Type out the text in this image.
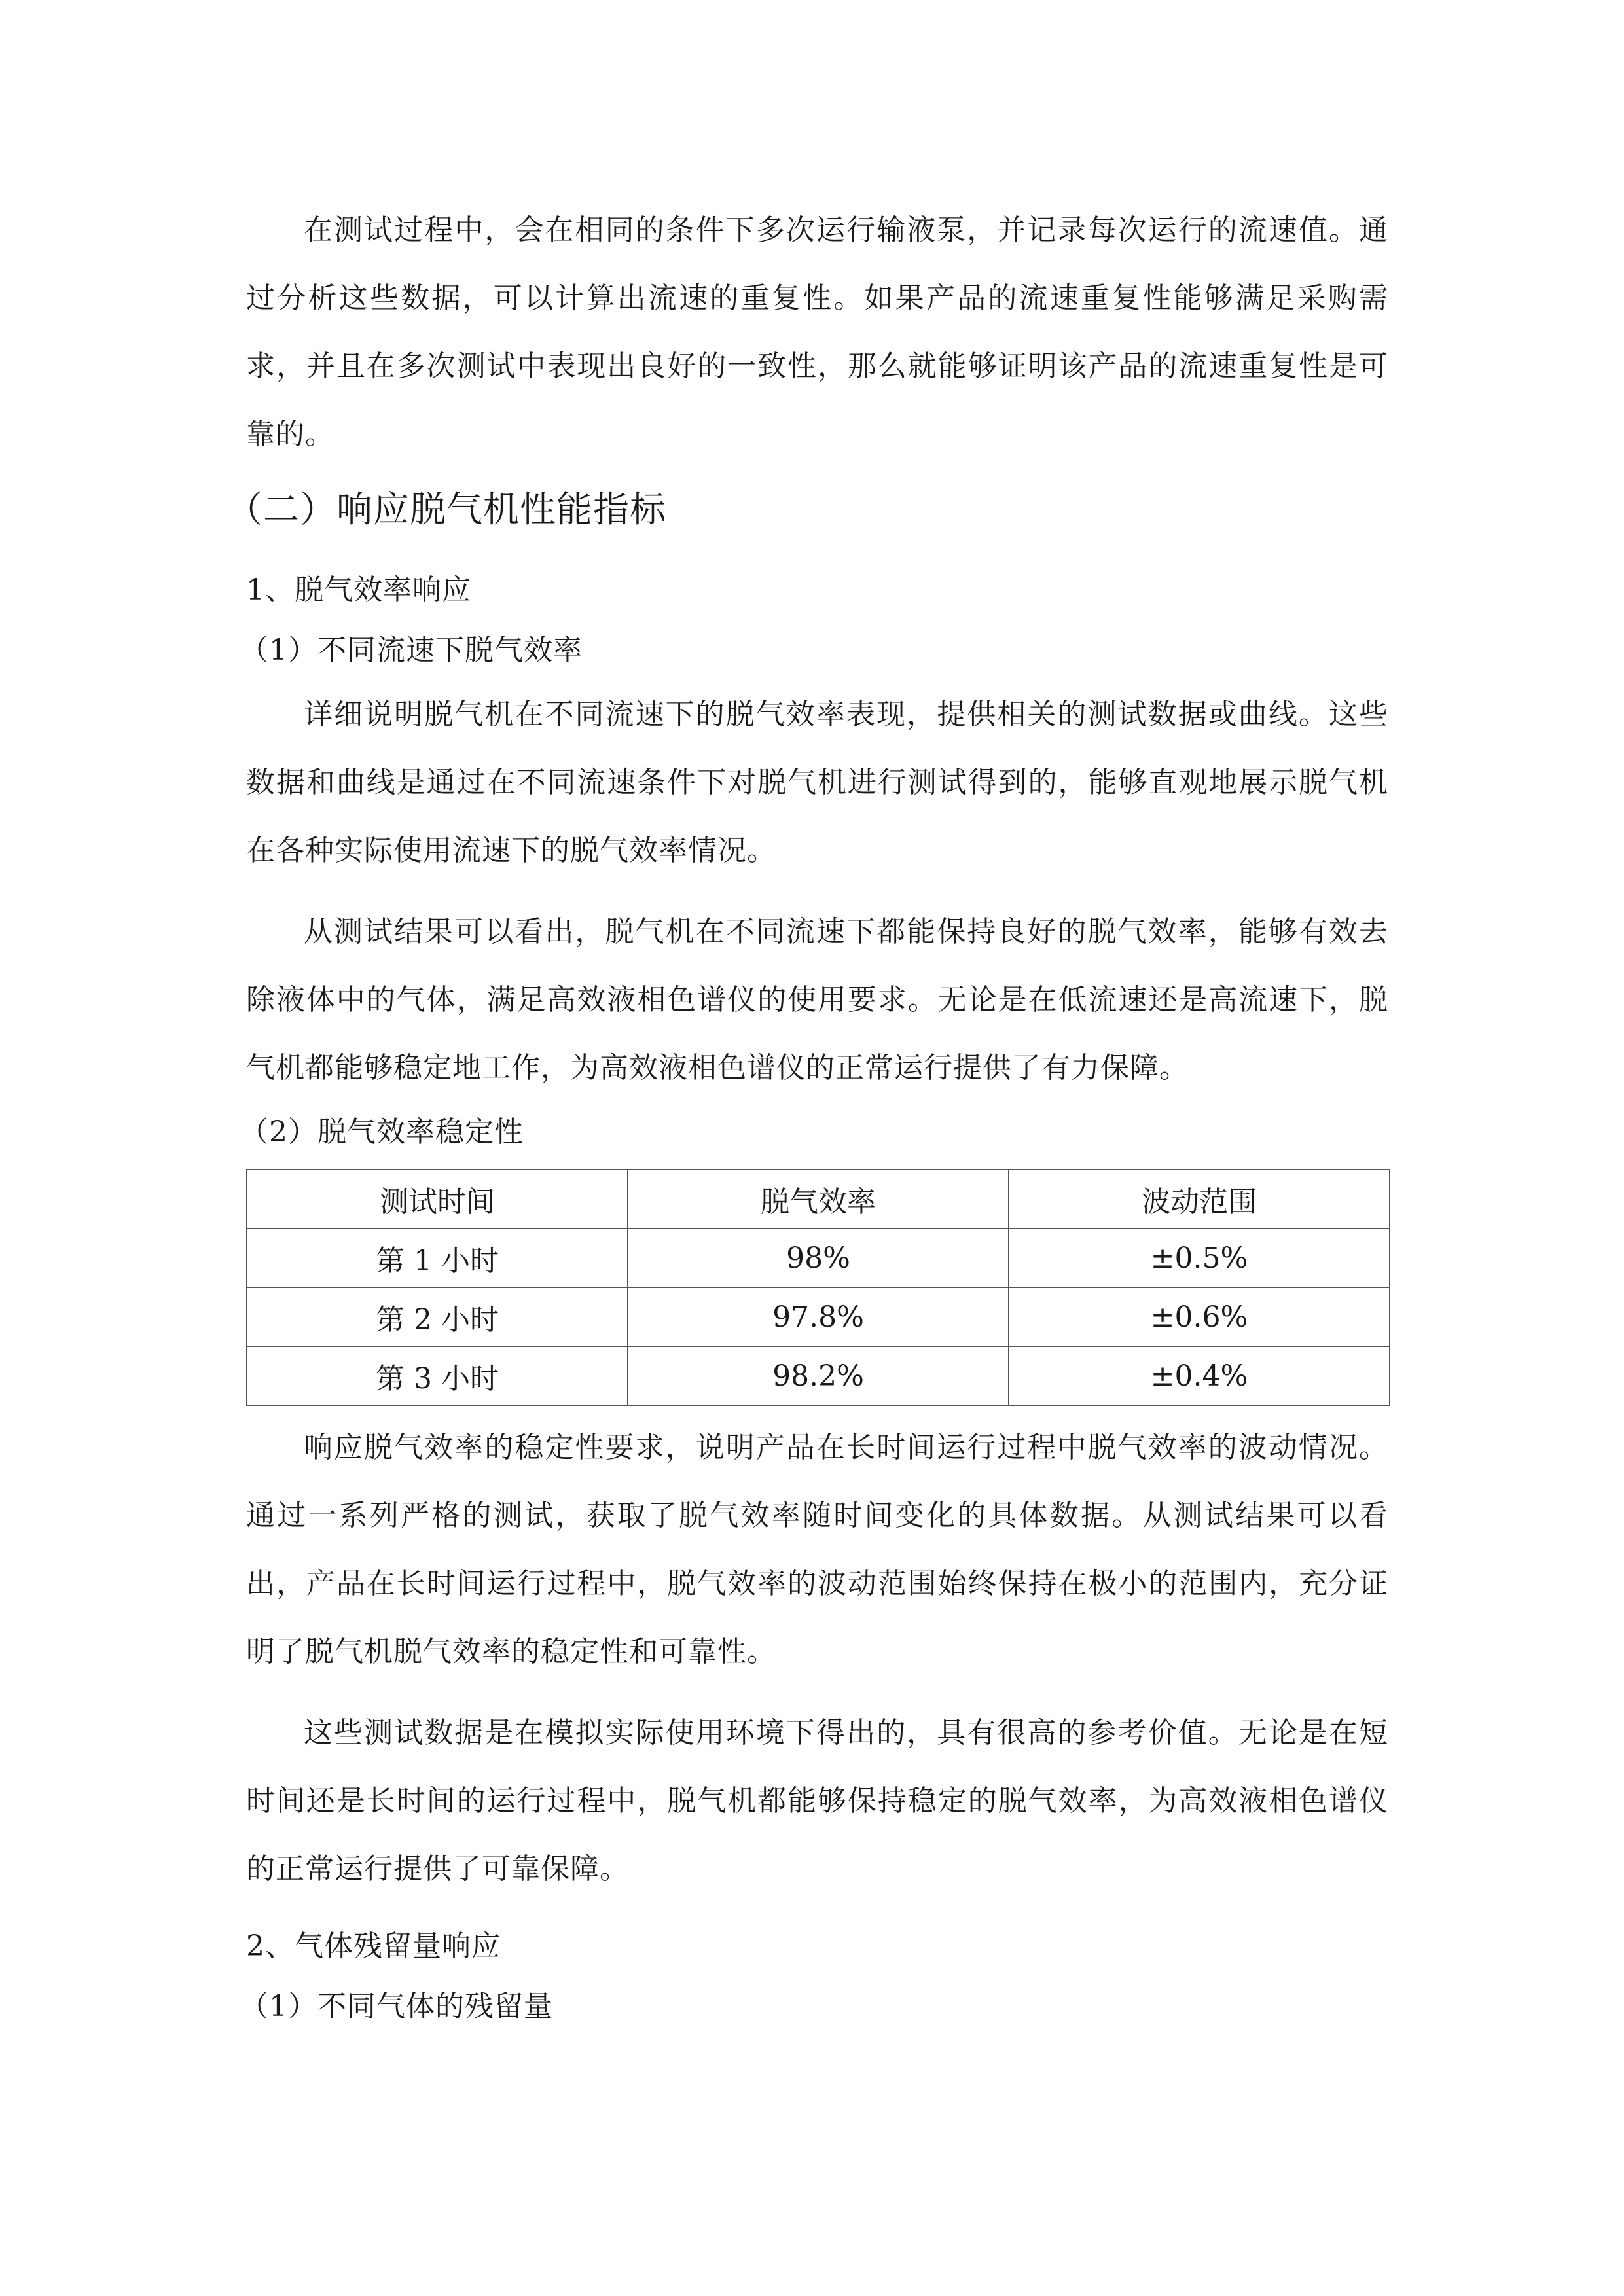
在测试过程中，会在相同的条件下多次运行输液泵，并记录每次运行的流速值。通过分析这些数据，可以计算出流速的重复性。如果产品的流速重复性能够满足采购需求，并且在多次测试中表现出良好的一致性，那么就能够证明该产品的流速重复性是可靠的。

（二）响应脱气机性能指标
1、脱气效率响应
（1）不同流速下脱气效率

详细说明脱气机在不同流速下的脱气效率表现，提供相关的测试数据或曲线。这些数据和曲线是通过在不同流速条件下对脱气机进行测试得到的，能够直观地展示脱气机在各种实际使用流速下的脱气效率情况。

从测试结果可以看出，脱气机在不同流速下都能保持良好的脱气效率，能够有效去除液体中的气体，满足高效液相色谱仪的使用要求。无论是在低流速还是高流速下，脱气机都能够稳定地工作，为高效液相色谱仪的正常运行提供了有力保障。

（2）脱气效率稳定性
测试时间	脱气效率	波动范围
第 1 小时	98%	±0.5%
第 2 小时	97.8%	±0.6%
第 3 小时	98.2%	±0.4%

响应脱气效率的稳定性要求，说明产品在长时间运行过程中脱气效率的波动情况。通过一系列严格的测试，获取了脱气效率随时间变化的具体数据。从测试结果可以看出，产品在长时间运行过程中，脱气效率的波动范围始终保持在极小的范围内，充分证明了脱气机脱气效率的稳定性和可靠性。

这些测试数据是在模拟实际使用环境下得出的，具有很高的参考价值。无论是在短时间还是长时间的运行过程中，脱气机都能够保持稳定的脱气效率，为高效液相色谱仪的正常运行提供了可靠保障。

2、气体残留量响应
（1）不同气体的残留量
